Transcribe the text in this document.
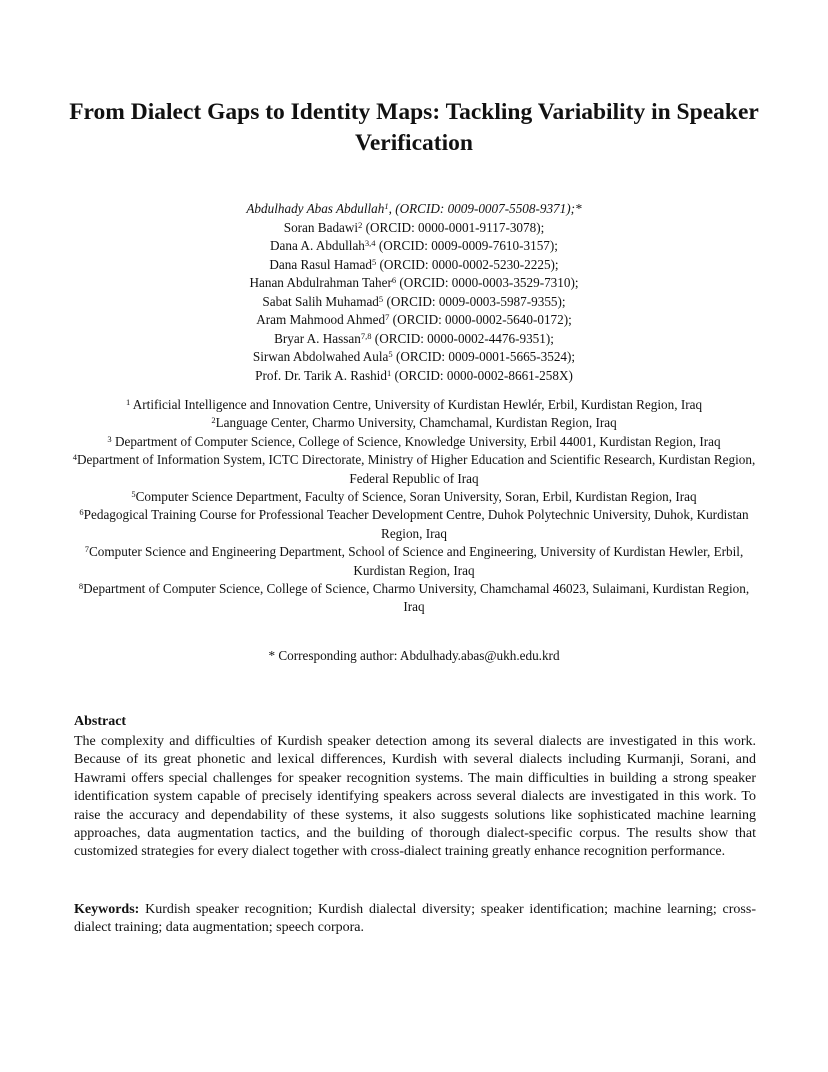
From Dialect Gaps to Identity Maps: Tackling Variability in Speaker Verification
Abdulhady Abas Abdullah$^1$, (ORCID: 0009-0007-5508-9371);*
Soran Badawi$^2$ (ORCID: 0000-0001-9117-3078);
Dana A. Abdullah$^{3,4}$ (ORCID: 0009-0009-7610-3157);
Dana Rasul Hamad$^5$ (ORCID: 0000-0002-5230-2225);
Hanan Abdulrahman Taher$^6$ (ORCID: 0000-0003-3529-7310);
Sabat Salih Muhamad$^5$ (ORCID: 0009-0003-5987-9355);
Aram Mahmood Ahmed$^7$ (ORCID: 0000-0002-5640-0172);
Bryar A. Hassan$^{7,8}$ (ORCID: 0000-0002-4476-9351);
Sirwan Abdolwahed Aula$^5$ (ORCID: 0009-0001-5665-3524);
Prof. Dr. Tarik A. Rashid$^1$ (ORCID: 0000-0002-8661-258X)
$^1$ Artificial Intelligence and Innovation Centre, University of Kurdistan Hewlér, Erbil, Kurdistan Region, Iraq
$^2$Language Center, Charmo University, Chamchamal, Kurdistan Region, Iraq
$^3$ Department of Computer Science, College of Science, Knowledge University, Erbil 44001, Kurdistan Region, Iraq
$^4$Department of Information System, ICTC Directorate, Ministry of Higher Education and Scientific Research, Kurdistan Region, Federal Republic of Iraq
$^5$Computer Science Department, Faculty of Science, Soran University, Soran, Erbil, Kurdistan Region, Iraq
$^6$Pedagogical Training Course for Professional Teacher Development Centre, Duhok Polytechnic University, Duhok, Kurdistan Region, Iraq
$^7$Computer Science and Engineering Department, School of Science and Engineering, University of Kurdistan Hewler, Erbil, Kurdistan Region, Iraq
$^8$Department of Computer Science, College of Science, Charmo University, Chamchamal 46023, Sulaimani, Kurdistan Region, Iraq
* Corresponding author: Abdulhady.abas@ukh.edu.krd
Abstract
The complexity and difficulties of Kurdish speaker detection among its several dialects are investigated in this work. Because of its great phonetic and lexical differences, Kurdish with several dialects including Kurmanji, Sorani, and Hawrami offers special challenges for speaker recognition systems. The main difficulties in building a strong speaker identification system capable of precisely identifying speakers across several dialects are investigated in this work. To raise the accuracy and dependability of these systems, it also suggests solutions like sophisticated machine learning approaches, data augmentation tactics, and the building of thorough dialect-specific corpus. The results show that customized strategies for every dialect together with cross-dialect training greatly enhance recognition performance.
Keywords: Kurdish speaker recognition; Kurdish dialectal diversity; speaker identification; machine learning; cross-dialect training; data augmentation; speech corpora.
